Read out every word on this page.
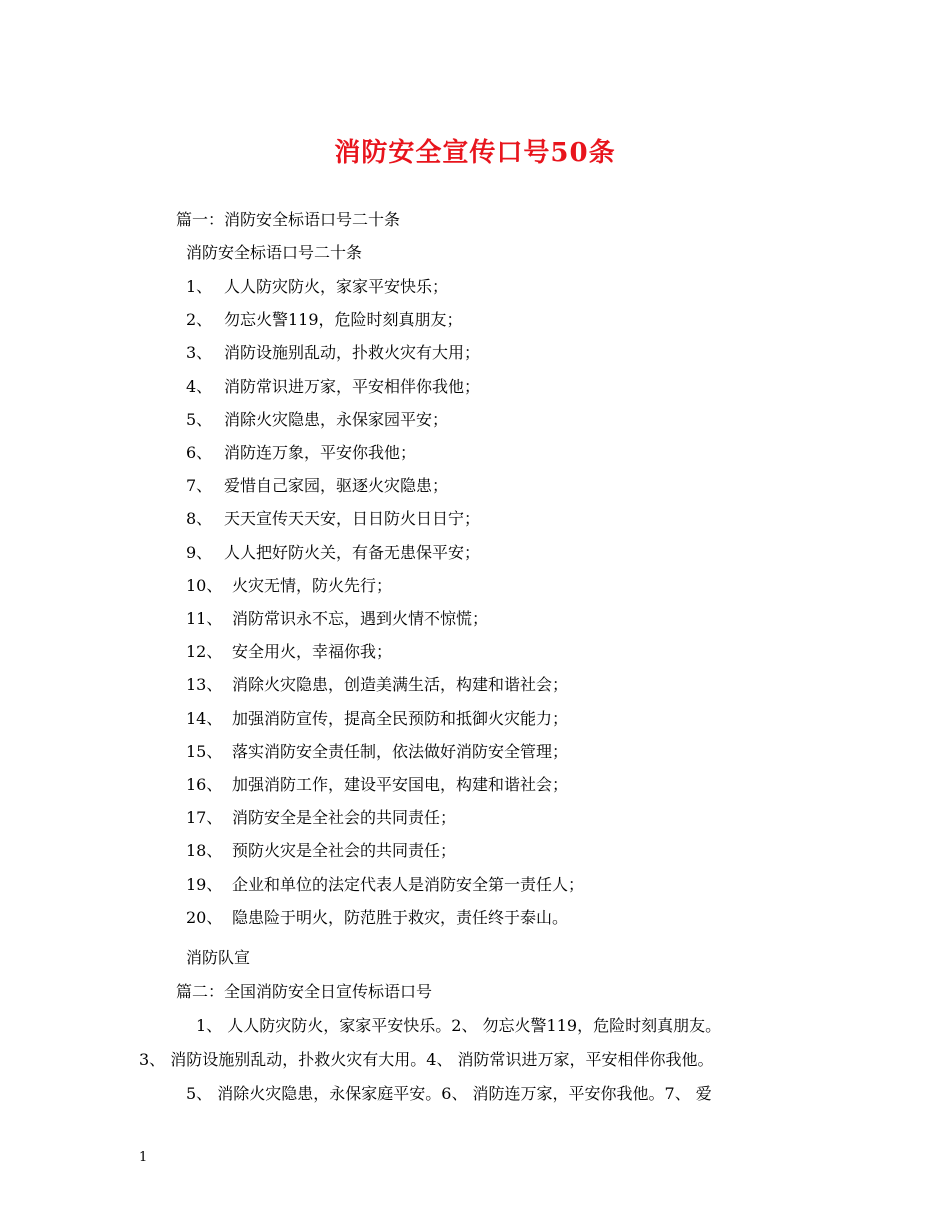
消防安全宣传口号50条
篇一：消防安全标语口号二十条
消防安全标语口号二十条
1、 人人防灾防火，家家平安快乐；
2、 勿忘火警119，危险时刻真朋友；
3、 消防设施别乱动，扑救火灾有大用；
4、 消防常识进万家，平安相伴你我他；
5、 消除火灾隐患，永保家园平安；
6、 消防连万象，平安你我他；
7、 爱惜自己家园，驱逐火灾隐患；
8、 天天宣传天天安，日日防火日日宁；
9、 人人把好防火关，有备无患保平安；
10、 火灾无情，防火先行；
11、 消防常识永不忘，遇到火情不惊慌；
12、 安全用火，幸福你我；
13、 消除火灾隐患，创造美满生活，构建和谐社会；
14、 加强消防宣传，提高全民预防和抵御火灾能力；
15、 落实消防安全责任制，依法做好消防安全管理；
16、 加强消防工作，建设平安国电，构建和谐社会；
17、 消防安全是全社会的共同责任；
18、 预防火灾是全社会的共同责任；
19、 企业和单位的法定代表人是消防安全第一责任人；
20、 隐患险于明火，防范胜于救灾，责任终于泰山。
消防队宣
篇二：全国消防安全日宣传标语口号
1、 人人防灾防火，家家平安快乐。2、 勿忘火警119，危险时刻真朋友。
3、 消防设施别乱动，扑救火灾有大用。4、 消防常识进万家，平安相伴你我他。
5、 消除火灾隐患，永保家庭平安。6、 消防连万家，平安你我他。7、 爱
1
